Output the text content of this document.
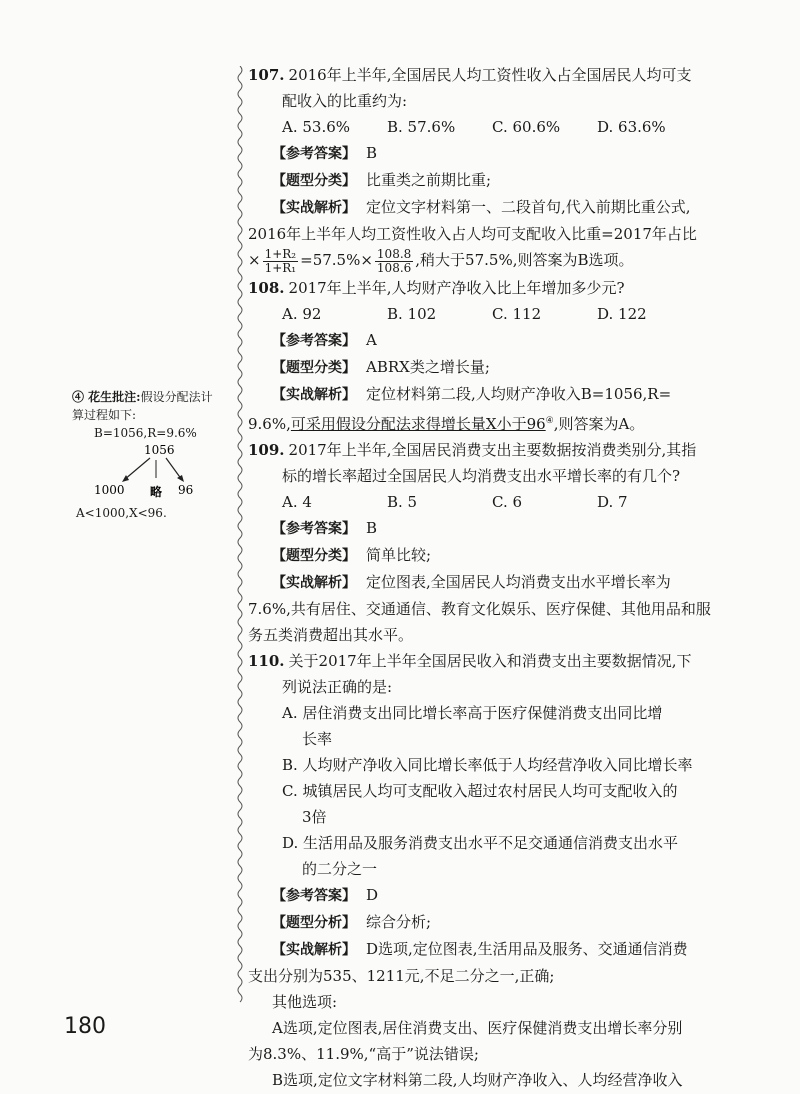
④ 花生批注:假设分配法计
算过程如下:
B=1056,R=9.6%
1056
1000 略 96
A<1000,X<96.
107. 2016年上半年,全国居民人均工资性收入占全国居民人均可支
配收入的比重约为:
A. 53.6%	B. 57.6%	C. 60.6%	D. 63.6%
【参考答案】 B
【题型分类】 比重类之前期比重;
【实战解析】 定位文字材料第一、二段首句,代入前期比重公式,
2016年上半年人均工资性收入占人均可支配收入比重=2017年占比
× $\frac{\text{1+R₂}}{\text{1+R₁}} =57.5\%\times \frac{108.8}{108.6}$ ,稍大于57.5%,则答案为B选项。
108. 2017年上半年,人均财产净收入比上年增加多少元?
A. 92	B. 102	C. 112	D. 122
【参考答案】 A
【题型分类】 ABRX类之增长量;
【实战解析】 定位材料第二段,人均财产净收入B=1056,R=
9.6%,可采用假设分配法求得增长量X小于96④,则答案为A。
109. 2017年上半年,全国居民消费支出主要数据按消费类别分,其指
标的增长率超过全国居民人均消费支出水平增长率的有几个?
A. 4	B. 5	C. 6	D. 7
【参考答案】 B
【题型分类】 简单比较;
【实战解析】 定位图表,全国居民人均消费支出水平增长率为
7.6%,共有居住、交通通信、教育文化娱乐、医疗保健、其他用品和服
务五类消费超出其水平。
110. 关于2017年上半年全国居民收入和消费支出主要数据情况,下
列说法正确的是:
A. 居住消费支出同比增长率高于医疗保健消费支出同比增
长率
B. 人均财产净收入同比增长率低于人均经营净收入同比增长率
C. 城镇居民人均可支配收入超过农村居民人均可支配收入的
3倍
D. 生活用品及服务消费支出水平不足交通通信消费支出水平
的二分之一
【参考答案】 D
【题型分析】 综合分析;
【实战解析】 D选项,定位图表,生活用品及服务、交通通信消费
支出分别为535、1211元,不足二分之一,正确;
其他选项:
A选项,定位图表,居住消费支出、医疗保健消费支出增长率分别
为8.3%、11.9%,“高于”说法错误;
B选项,定位文字材料第二段,人均财产净收入、人均经营净收入
180
